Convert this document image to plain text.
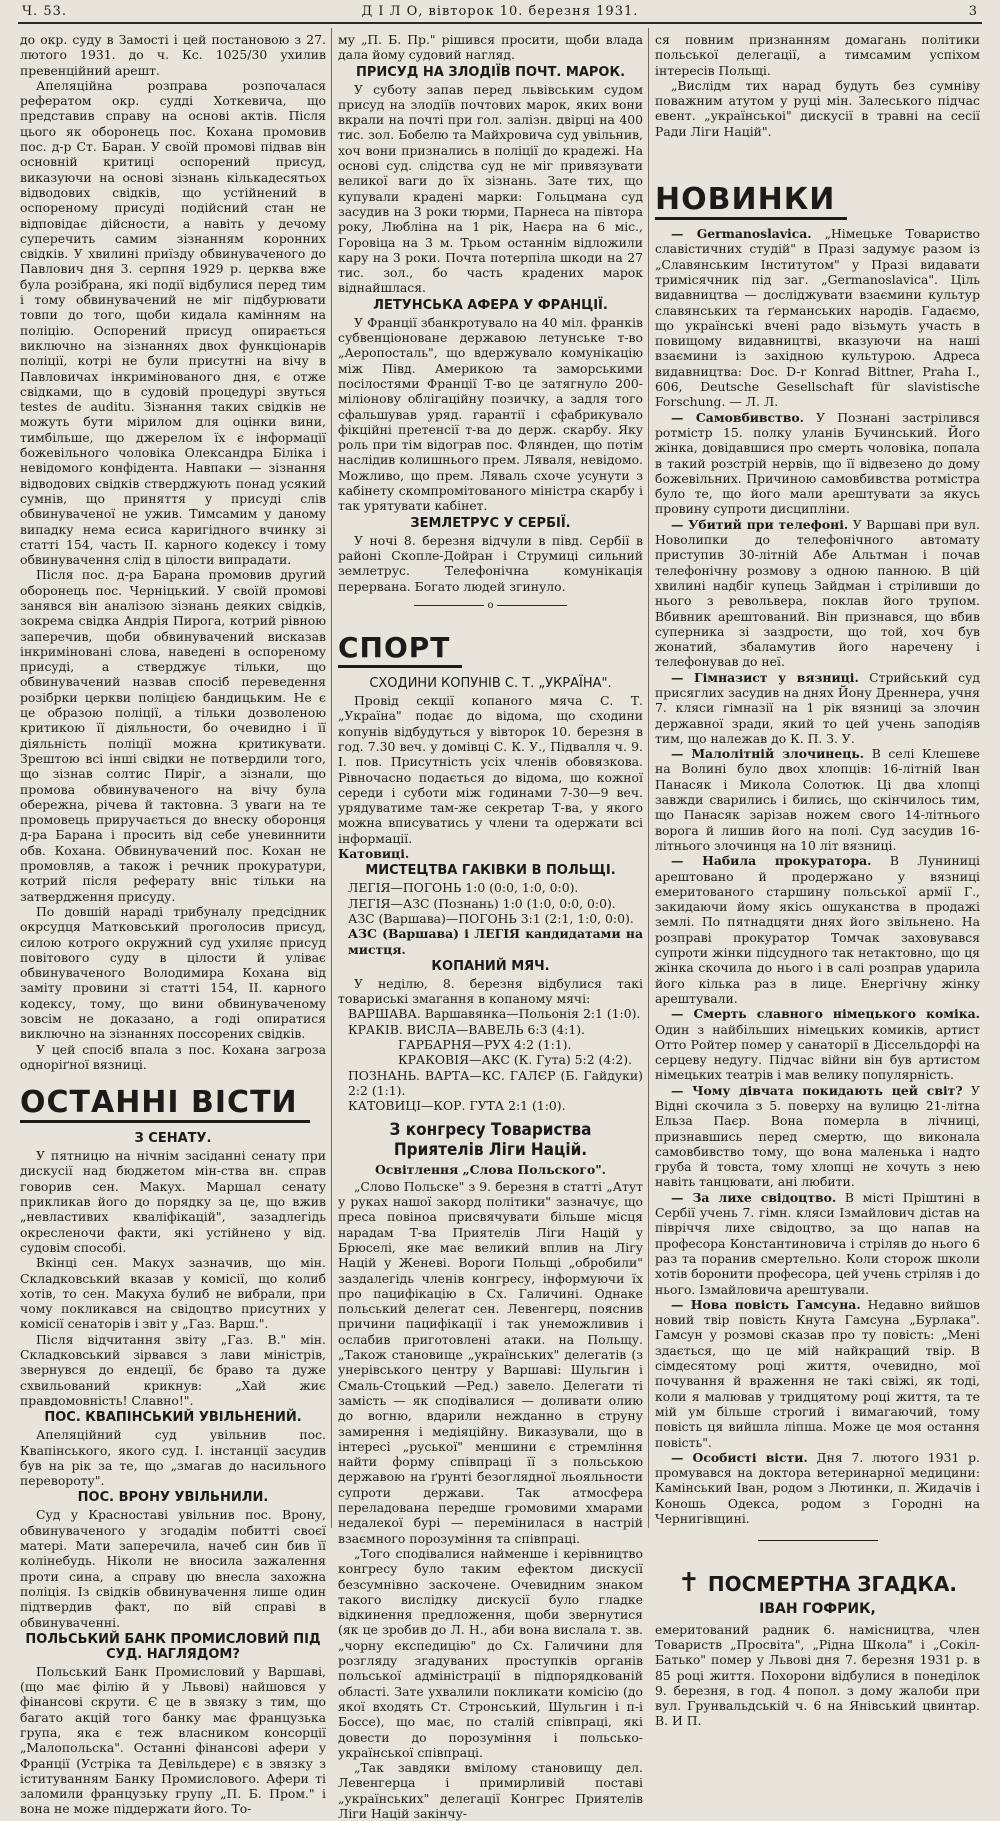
Ч. 53.	Д І Л О, вівторок 10. березня 1931.	3

до окр. суду в Замості і цей постановою з 27. лютого 1931. до ч. Кс. 1025/30 ухилив превенційний арешт.

Апеляційна розправа розпочалася рефератом окр. судді Хоткевича, що представив справу на основі актів. Після цього як оборонець пос. Кохана промовив пос. д-р Ст. Баран. У своїй промові підвав він основній критиці оспорений присуд, виказуючи на основі зізнань кількадесятьох відводових свідків, що устійнений в оспореному присуді подійсний стан не відповідає дійсности, а навіть у дечому суперечить самим зізнанням коронних свідків. У хвилині приїзду обвинуваченого до Павлович дня 3. серпня 1929 р. церква вже була розібрана, які події відбулися перед тим і тому обвинувачений не міг підбурювати товпи до того, щоби кидала камінням на поліцію. Оспорений присуд опирається виключно на зізнаннях двох функціонарів поліції, котрі не були присутні на вічу в Павловичах інкримінованого дня, є отже свідками, що в судовій процедурі звуться testes de auditu. Зізнання таких свідків не можуть бути мірилом для оцінки вини, тимбільше, що джерелом їх є інформації божевільного чоловіка Олександра Біліка і невідомого конфідента. Навпаки — зізнання відводових свідків стверджують понад усякий сумнів, що приняття у присуді слів обвинуваченої не ужив. Тимсамим у даному випадку нема есиса каригідного вчинку зі статті 154, часть II. карного кодексу і тому обвинувачення слід в цілости випрадати.

Після пос. д-ра Барана промовив другий оборонець пос. Черніцький. У своїй промові занявся він аналізою зізнань деяких свідків, зокрема свідка Андрія Пирога, котрий рівною заперечив, щоби обвинувачений висказав інкриміновані слова, наведені в оспореному присуді, а стверджує тільки, що обвинувачений назвав спосіб переведення розібрки церкви поліцією бандицьким. Не є це образою поліції, а тільки дозволеною критикою її діяльности, бо очевидно і її діяльність поліції можна критикувати. Зрештою всі інші свідки не потвердили того, що зізнав солтис Пиріг, а зізнали, що промова обвинуваченого на вічу була обережна, річева й тактовна. З уваги на те промовець приручається до внеску оборонця д-ра Барана і просить від себе уневиннити обв. Кохана. Обвинувачений пос. Кохан не промовляв, а також і речник прокуратури, котрий після реферату вніс тільки на затвердження присуду.

По довшій нараді трибуналу предсідник окрсудця Матковський проголосив присуд, силою котрого окружний суд ухиляє присуд повітового суду в цілости й уліває обвинуваченого Володимира Кохана від заміту провини зі статті 154, II. карного кодексу, тому, що вини обвинуваченому зовсім не доказано, а годі опиратися виключно на зізнаннях поссорених свідків.

У цей спосіб впала з пос. Кохана загроза одноріґної вязниці.

ОСТАННІ ВІСТИ
З СЕНАТУ.

У пятницю на нічнім засіданні сенату при дискусії над бюджетом мін-ства вн. справ говорив сен. Макух. Маршал сенату прикликав його до порядку за це, що вжив „невластивих кваліфікацій", зазадлегідь окресленочи факти, які устійнено у від. судовім способі.

Вкінці сен. Макух зазначив, що мін. Складковський вказав у комісії, що колиб хотів, то сен. Макуха булиб не вибрали, при чому покликався на свідоцтво присутних у комісії сенаторів і звіт у „Газ. Варш.".

Після відчитання звіту „Газ. В." мін. Складковський зірвався з лави міністрів, звернувся до ендеції, бє браво та дуже схвильований крикнув: „Хай жиє правдомовність! Славно!".

ПОС. КВАПІНСЬКИЙ УВІЛЬНЕНИЙ.

Апеляційний суд увільнив пос. Квапінського, якого суд. І. інстанції засудив був на рік за те, що „змагав до насильного перевороту".

ПОС. ВРОНУ УВІЛЬНИЛИ.

Суд у Красноставі увільнив пос. Врону, обвинуваченого у згодадім побитті своєї матері. Мати заперечила, начеб син бив її колінебудь. Ніколи не вносила зажалення проти сина, а справу цю внесла захожна поліція. Із свідків обвинувачення лише один підтвердив факт, по вій справі в обвинуваченні.

ПОЛЬСЬКИЙ БАНК ПРОМИСЛОВИЙ ПІД СУД. НАГЛЯДОМ?

Польський Банк Промисловий у Варшаві, (що має філію й у Львові) найшовся у фінансові скрути. Є це в звязку з тим, що багато акцій того банку має французька група, яка є теж власником консорції „Малопольска". Останні фінансові афери у Франції (Устріка та Девільдере) є в звязку з іституванням Банку Промислового. Афери ті заломили французьку групу „П. Б. Пром." і вона не може піддержати його. То-

му „П. Б. Пр." рішився просити, щоби влада дала йому судовий нагляд.

ПРИСУД НА ЗЛОДІЇВ ПОЧТ. МАРОК.

У суботу запав перед львівським судом присуд на злодіїв почтових марок, яких вони вкрали на почті при гол. залізн. двірці на 400 тис. зол. Бобелю та Майхровича суд увільнив, хоч вони признались в поліції до крадежі. На основі суд. слідства суд не міг привязувати великої ваги до їх зізнань. Зате тих, що купували крадені марки: Гольцмана суд засудив на 3 роки тюрми, Парнеса на півтора року, Любліна на 1 рік, Наєра на 6 міс., Горовіца на 3 м. Трьом останнім відложили кару на 3 роки. Почта потерпіла шкоди на 27 тис. зол., бо часть крадених марок віднайшлася.

ЛЕТУНСЬКА АФЕРА У ФРАНЦІЇ.

У Франції збанкротувало на 40 міл. франків субвенціоноване державою летунське т-во „Аеропосталь", що вдержувало комунікацію між Півд. Америкою та заморськими посілостями Франції Т-во це затягнуло 200-міліонову облігаційну позичку, а задля того сфальшував уряд. гарантії і сфабрикувало фікційні претенсії т-ва до держ. скарбу. Яку роль при тім відограв пос. Флянден, що потім наслідив колишнього прем. Ляваля, невідомо. Можливо, що прем. Ляваль схоче усунути з кабінету скомпромітованого міністра скарбу і так урятувати кабінет.

ЗЕМЛЕТРУС У СЕРБІЇ.

У ночі 8. березня відчули в півд. Сербії в районі Скопле-Дойран і Струмиці сильний землетрус. Телефонічна комунікація перервана. Богато людей згинуло.

o
СПОРТ
СХОДИНИ КОПУНІВ С. Т. „УКРАЇНА".

Провід секції копаного мяча С. Т. „Україна" подає до відома, що сходини копунів відбудуться у вівторок 10. березня в год. 7.30 веч. у домівці С. К. У., Підвалля ч. 9. І. пов. Присутність усіх членів обовязкова. Рівночасно подається до відома, що кожної середи і суботи між годинами 7-30—9 веч. урядуватиме там-же секретар Т-ва, у якого можна вписуватись у члени та одержати всі інформації.

Катовиці.

МИСТЕЦТВА ГАКІВКИ В ПОЛЬЩІ.

ЛЕГІЯ—ПОГОНЬ 1:0 (0:0, 1:0, 0:0).

ЛЕГІЯ—АЗС (Познань) 1:0 (1:0, 0:0, 0:0).

АЗС (Варшава)—ПОГОНЬ 3:1 (2:1, 1:0, 0:0).

АЗС (Варшава) і ЛЕГІЯ кандидатами на мистця.

КОПАНИЙ МЯЧ.

У неділю, 8. березня відбулися такі товариські змагання в копаному мячі:

ВАРШАВА. Варшавянка—Польонія 2:1 (1:0).

КРАКІВ. ВИСЛА—ВАВЕЛЬ 6:3 (4:1).

ГАРБАРНЯ—РУХ 4:2 (1:1).

КРАКОВІЯ—АКС (К. Гута) 5:2 (4:2).

ПОЗНАНЬ. ВАРТА—КС. ГАЛЄР (Б. Гайдуки) 2:2 (1:1).

КАТОВИЦІ—КОР. ГУТА 2:1 (1:0).

З конгресу Товариства Приятелів Ліги Націй.
Освітлення „Слова Польского".

„Слово Польске" з 9. березня в статті „Атут у руках нашої закорд політики" зазначує, що преса повіноа присвячувати більше місця нарадам Т-ва Приятелів Ліги Націй у Брюселі, яке має великий вплив на Лігу Націй у Женеві. Вороги Польщі „обробили" заздалегідь членів конгресу, інформуючи їх про пацифікацію в Сх. Галичині. Однаке польський делегат сен. Левенгерц, пояснив причини пацифікації і так унеможливив і ослабив приготовлені атаки. на Польщу. „Також становище „українських" делегатів (з унерівського центру у Варшаві: Шульгин і Смаль-Стоцький —Ред.) завело. Делегати ті замість — як сподівалися — доливати олию до вогню, вдарили нежданно в струну замирення і медіяційну. Виказували, що в інтересі „руської" меншини є стремління найти форму співпраці її з польською державою на ґрунті безоглядної льояльности супроти держави. Так атмосфера переладована передше громовими хмарами недалекої бурі — перемінилася в настрій взаємного порозуміння та співпраці.

„Того сподівалися найменше і керівництво конгресу було таким ефектом дискусії безсумнівно заскочене. Очевидним знаком такого вислідку дискусії було гладке відкинення предложення, щоби звернутися (як це зробив до Л. Н., аби вона вислала т. зв. „чорну експедицію" до Сх. Галичини для розгляду згадуваних проступків органів польської адміністрації в підпорядкованій області. Зате ухвалили покликати комісію (до якої входять Ст. Стронський, Шульгин і п-і Боссе), що має, по сталій співпраці, які довести до порозуміння і польсько-української співпраці.

„Так завдяки вмілому становищу дел. Левенгерца і примирливій поставі „українських" делегації Конгрес Приятелів Ліги Націй закінчу-

ся повним признанням домагань політики польської делегації, а тимсамим успіхом інтересів Польщі.

„Вислідм тих нарад будуть без сумніву поважним атутом у руці мін. Залеського підчас евент. „українськоі" дискусії в травні на сесії Ради Ліги Націй".

НОВИНКИ

— Germanoslavica. „Німецьке Товариство славістичних студій" в Празі задумує разом із „Славянським Інститутом" у Празі видавати тримісячник під заг. „Germanoslavica". Ціль видавництва — досліджувати взаємини культур славянських та ґерманських народів. Гадаємо, що українські вчені радо візьмуть участь в повищому видавництві, вказуючи на наші взаємини із західною культурою. Адреса видавництва: Doc. D-r Konrad Bittner, Praha I., 606, Deutsche Gesellschaft für slavistische Forschung. — Л. Л.

— Самовбивство. У Познані застрілився ротмістр 15. полку уланів Бучинський. Його жінка, довідавшися про смерть чоловіка, попала в такий розстрій нервів, що її відвезено до дому божевільних. Причиною самовбивства ротмістра було те, що його мали арештувати за якусь провину супроти дисципліни.

— Убитий при телефоні. У Варшаві при вул. Новолипки до телефонічного автомату приступив 30-літній Абе Альтман і почав телефонічну розмову з одною панною. В цій хвилині надбіг купець Зайдман і стріливши до нього з револьвера, поклав його трупом. Вбивник арештований. Він признався, що вбив суперника зі заздрости, що той, хоч був жонатий, збаламутив його наречену і телефонував до неї.

— Гімназист у вязниці. Стрийський суд присяглих засудив на днях Йону Дреннера, учня 7. кляси гімназії на 1 рік вязниці за злочин державної зради, який то цей учень заподіяв тим, що належав до К. П. З. У.

— Малолітній злочинець. В селі Клешеве на Волині було двох хлопців: 16-літній Іван Панасяк і Микола Солотюк. Ці два хлопці завжди сварились і бились, що скінчилось тим, що Панасяк зарізав ножем свого 14-літнього ворога й лишив його на полі. Суд засудив 16-літнього злочинця на 10 літ вязниці.

— Набила прокуратора. В Луниниці арештовано й продержано у вязниці емеритованого старшину польської армії Г., закидаючи йому якісь ошуканства в продажі землі. По пятнадцяти днях його звільнено. На розправі прокуратор Томчак заховувався супроти жінки підсудного так нетактовно, що ця жінка скочила до нього і в салі розправ ударила його кілька раз в лице. Енергічну жінку арештували.

— Смерть славного німецького комікa. Один з найбільших німецьких комиків, артист Отто Ройтер помер у санаторії в Діссельдорфі на серцеву недугу. Підчас війни він був артистом німецьких театрів і мав велику популярність.

— Чому дівчата покидають цей світ? У Відні скочила з 5. поверху на вулицю 21-літна Ельза Паєр. Вона померла в лічниці, признавшись перед смертю, що виконала самовбивство тому, що вона маленька і надто груба й товста, тому хлопці не хочуть з нею навіть танцювати, ані любити.

— За лихе свідоцтво. В місті Пріштині в Сербії учень 7. гімн. кляси Ізмайлович дістав на півріччя лихе свідоцтво, за що напав на професора Константиновича і стріляв до нього 6 раз та поранив смертельно. Коли сторож школи хотів боронити професора, цей учень стріляв і до нього. Ізмайловича арештували.

— Нова повість Гамсуна. Недавно вийшов новий твір повість Кнута Гамсуна „Бурлака". Гамсун у розмові сказав про ту повість: „Мені здається, що це мій найкращий твір. В сімдесятому році життя, очевидно, мої почування й враження не такі свіжі, як тоді, коли я малював у тридцятому році життя, та те мій ум більше строгий і вимагаючий, тому повість ця вийшла ліпша. Може це моя остання повість".

— Особисті вісти. Дня 7. лютого 1931 р. промувався на доктора ветеринарної медицини: Камінський Іван, родом з Лютинки, п. Жидачів і Коношь Одекса, родом з Городні на Чернигівщині.

✝ ПОСМЕРТНА ЗГАДКА.
ІВАН ГОФРИК,

емеритований радник 6. намісництва, член Товариств „Просвіта", „Рідна Школа" і „Сокіл-Батько" помер у Львові дня 7. березня 1931 р. в 85 році життя. Похорони відбулися в понеділок 9. березня, в год. 4 попол. з дому жалоби при вул. Грунвальдській ч. 6 на Янівський цвинтар. В. И П.
